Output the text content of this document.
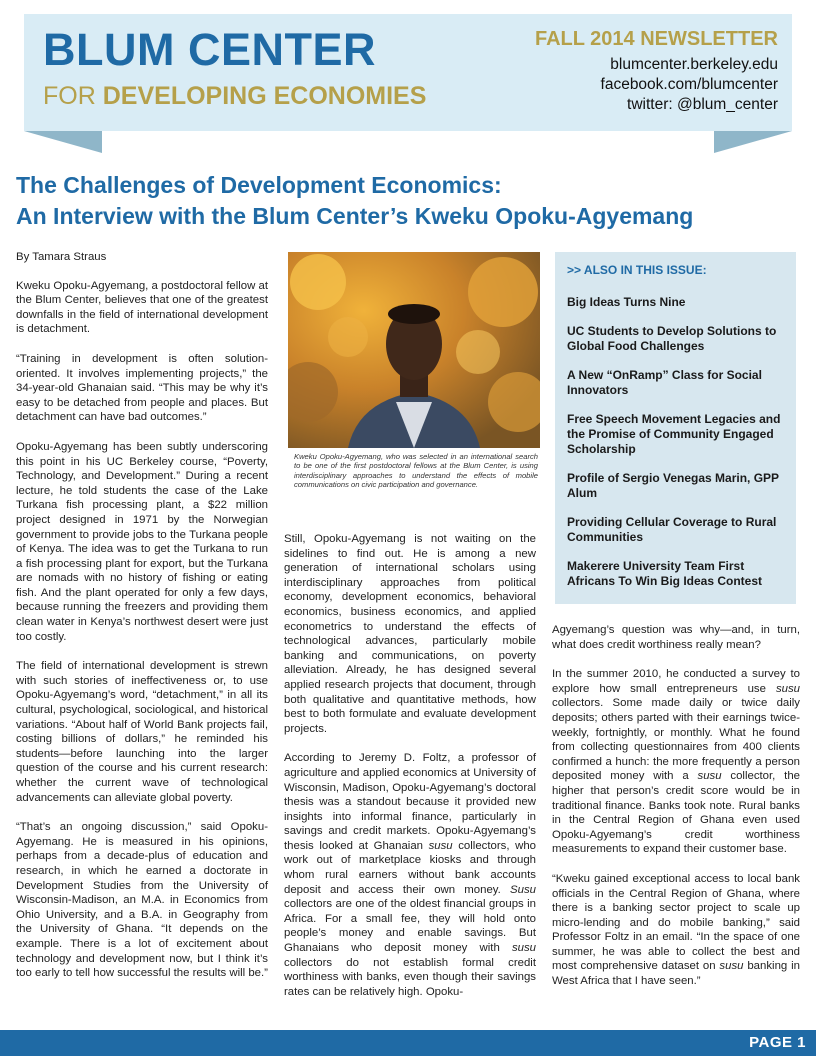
BLUM CENTER
FOR DEVELOPING ECONOMIES
FALL 2014 NEWSLETTER
blumcenter.berkeley.edu
facebook.com/blumcenter
twitter: @blum_center
The Challenges of Development Economics:
An Interview with the Blum Center’s Kweku Opoku-Agyemang

By Tamara Straus

Kweku Opoku-Agyemang, a postdoctoral fellow at the Blum Center, believes that one of the greatest downfalls in the field of international development is detachment.

“Training in development is often solution-oriented. It involves implementing projects,” the 34-year-old Ghanaian said. “This may be why it’s easy to be detached from people and places. But detachment can have bad outcomes.”

Opoku-Agyemang has been subtly underscoring this point in his UC Berkeley course, “Poverty, Technology, and Development.” During a recent lecture, he told students the case of the Lake Turkana fish processing plant, a $22 million project designed in 1971 by the Norwegian government to provide jobs to the Turkana people of Kenya. The idea was to get the Turkana to run a fish processing plant for export, but the Turkana are nomads with no history of fishing or eating fish. And the plant operated for only a few days, because running the freezers and providing them clean water in Kenya’s northwest desert were just too costly.

The field of international development is strewn with such stories of ineffectiveness or, to use Opoku-Agyemang’s word, “detachment,” in all its cultural, psychological, sociological, and historical variations. “About half of World Bank projects fail, costing billions of dollars,” he reminded his students—before launching into the larger question of the course and his current research: whether the current wave of technological advancements can alleviate global poverty.

“That’s an ongoing discussion,” said Opoku-Agyemang. He is measured in his opinions, perhaps from a decade-plus of education and research, in which he earned a doctorate in Development Studies from the University of Wisconsin-Madison, an M.A. in Economics from Ohio University, and a B.A. in Geography from the University of Ghana. “It depends on the example. There is a lot of excitement about technology and development now, but I think it’s too early to tell how successful the results will be.”

Kweku Opoku-Agyemang, who was selected in an international search to be one of the first postdoctoral fellows at the Blum Center, is using interdisciplinary approaches to understand the effects of mobile communications on civic participation and governance.
>> ALSO IN THIS ISSUE:
Big Ideas Turns Nine
UC Students to Develop Solutions to Global Food Challenges
A New “OnRamp” Class for Social Innovators
Free Speech Movement Legacies and the Promise of Community Engaged Scholarship
Profile of Sergio Venegas Marin, GPP Alum
Providing Cellular Coverage to Rural Communities
Makerere University Team First Africans To Win Big Ideas Contest

Still, Opoku-Agyemang is not waiting on the sidelines to find out. He is among a new generation of international scholars using interdisciplinary approaches from political economy, development economics, behavioral economics, business economics, and applied econometrics to understand the effects of technological advances, particularly mobile banking and communications, on poverty alleviation. Already, he has designed several applied research projects that document, through both qualitative and quantitative methods, how best to both formulate and evaluate development projects.

According to Jeremy D. Foltz, a professor of agriculture and applied economics at University of Wisconsin, Madison, Opoku-Agyemang’s doctoral thesis was a standout because it provided new insights into informal finance, particularly in savings and credit markets. Opoku-Agyemang’s thesis looked at Ghanaian susu collectors, who work out of marketplace kiosks and through whom rural earners without bank accounts deposit and access their own money. Susu collectors are one of the oldest financial groups in Africa. For a small fee, they will hold onto people’s money and enable savings. But Ghanaians who deposit money with susu collectors do not establish formal credit worthiness with banks, even though their savings rates can be relatively high. Opoku-

Agyemang’s question was why—and, in turn, what does credit worthiness really mean?

In the summer 2010, he conducted a survey to explore how small entrepreneurs use susu collectors. Some made daily or twice daily deposits; others parted with their earnings twice-weekly, fortnightly, or monthly. What he found from collecting questionnaires from 400 clients confirmed a hunch: the more frequently a person deposited money with a susu collector, the higher that person’s credit score would be in traditional finance. Banks took note. Rural banks in the Central Region of Ghana even used Opoku-Agyemang’s credit worthiness measurements to expand their customer base.

“Kweku gained exceptional access to local bank officials in the Central Region of Ghana, where there is a banking sector project to scale up micro-lending and do mobile banking,” said Professor Foltz in an email. “In the space of one summer, he was able to collect the best and most comprehensive dataset on susu banking in West Africa that I have seen.”

PAGE 1
